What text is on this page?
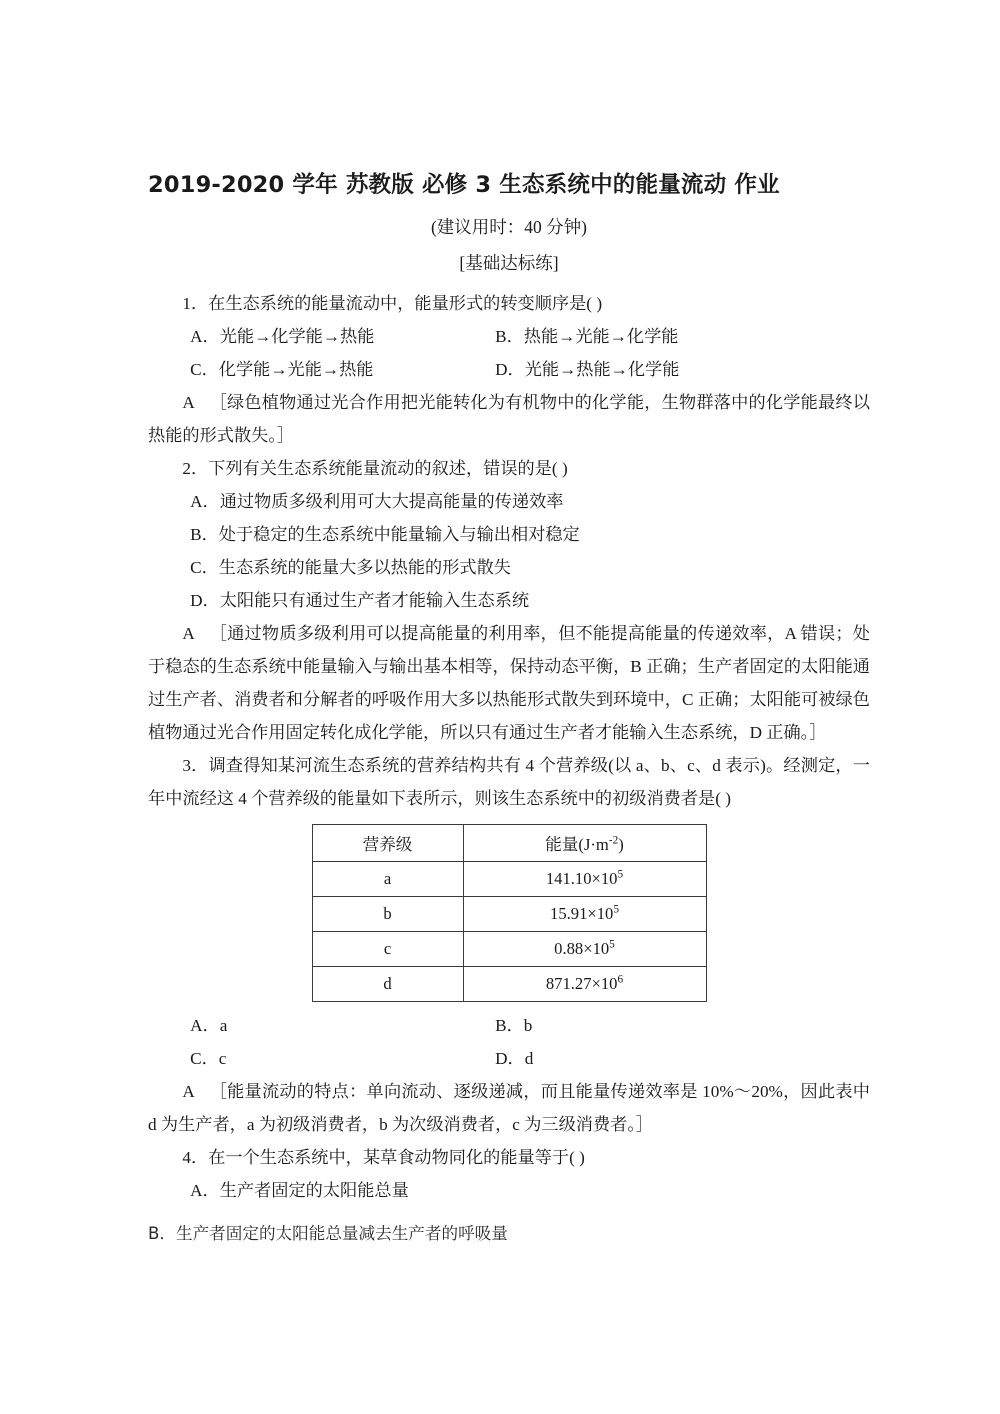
2019-2020 学年 苏教版 必修 3 生态系统中的能量流动 作业

(建议用时：40 分钟)

[基础达标练]

1．在生态系统的能量流动中，能量形式的转变顺序是( )

A．光能→化学能→热能	B．热能→光能→化学能
C．化学能→光能→热能	D．光能→热能→化学能

A ［绿色植物通过光合作用把光能转化为有机物中的化学能，生物群落中的化学能最终以热能的形式散失。］

2．下列有关生态系统能量流动的叙述，错误的是( )

A．通过物质多级利用可大大提高能量的传递效率

B．处于稳定的生态系统中能量输入与输出相对稳定

C．生态系统的能量大多以热能的形式散失

D．太阳能只有通过生产者才能输入生态系统

A ［通过物质多级利用可以提高能量的利用率，但不能提高能量的传递效率，A 错误；处于稳态的生态系统中能量输入与输出基本相等，保持动态平衡，B 正确；生产者固定的太阳能通过生产者、消费者和分解者的呼吸作用大多以热能形式散失到环境中，C 正确；太阳能可被绿色植物通过光合作用固定转化成化学能，所以只有通过生产者才能输入生态系统，D 正确。］

3．调查得知某河流生态系统的营养结构共有 4 个营养级(以 a、b、c、d 表示)。经测定，一年中流经这 4 个营养级的能量如下表所示，则该生态系统中的初级消费者是( )

营养级	能量$(J\cdot m^{-2})$
a	$141.10\times 10^5$
b	$15.91\times 10^5$
c	$0.88\times 10^5$
d	$871.27\times 10^6$
A．a	B．b
C．c	D．d

A ［能量流动的特点：单向流动、逐级递减，而且能量传递效率是 10%～20%，因此表中 d 为生产者，a 为初级消费者，b 为次级消费者，c 为三级消费者。］

4．在一个生态系统中，某草食动物同化的能量等于( )

A．生产者固定的太阳能总量

B．生产者固定的太阳能总量减去生产者的呼吸量
